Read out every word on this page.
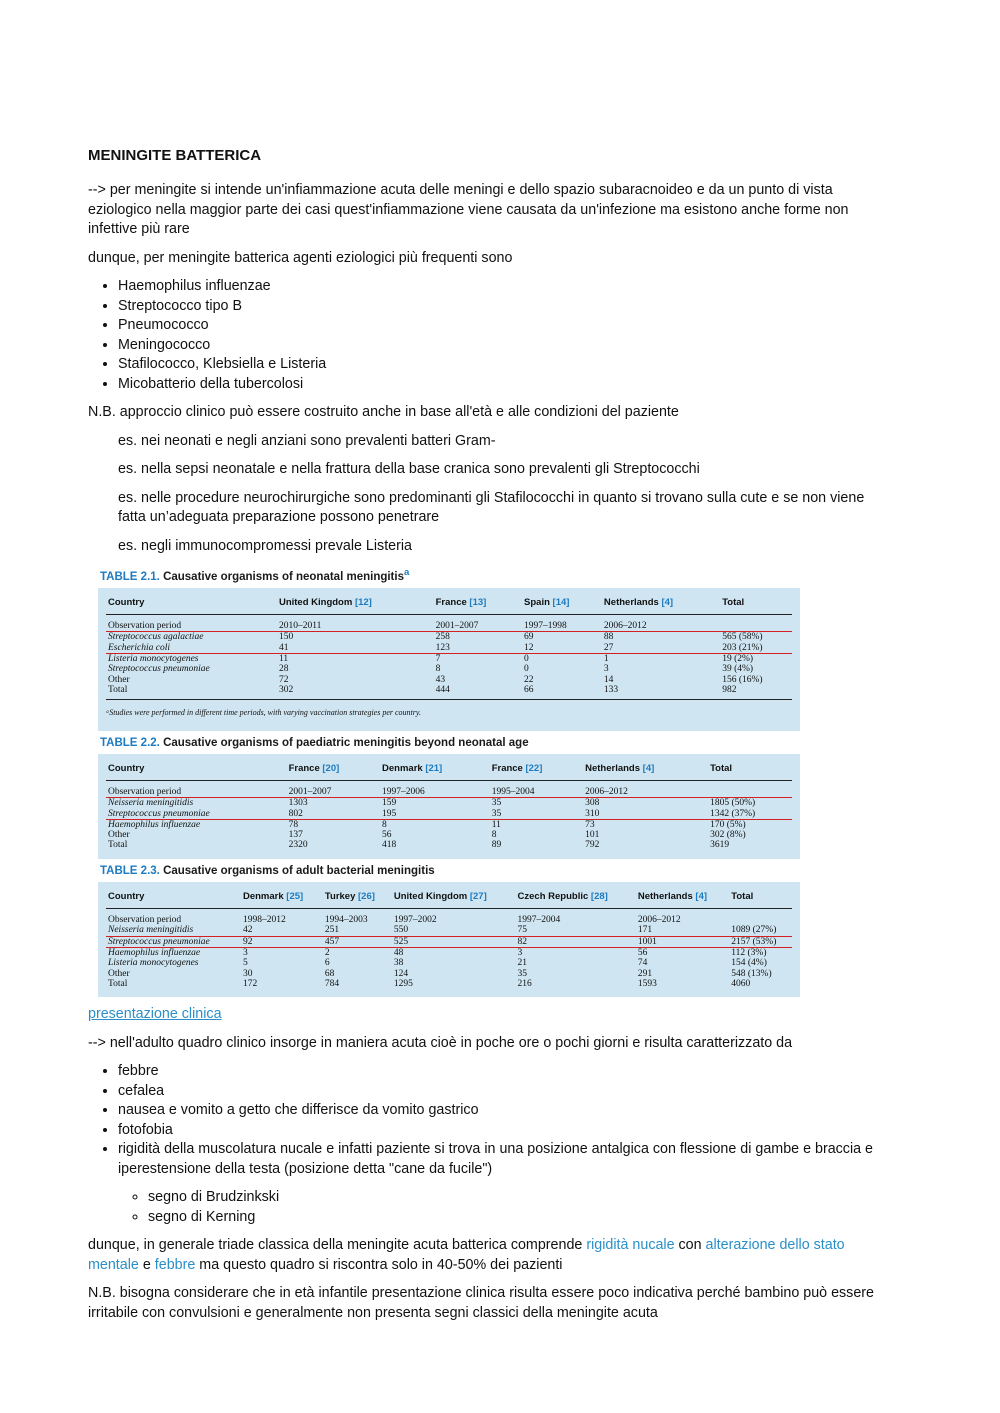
MENINGITE BATTERICA

--> per meningite si intende un'infiammazione acuta delle meningi e dello spazio subaracnoideo e da un punto di vista eziologico nella maggior parte dei casi quest'infiammazione viene causata da un'infezione ma esistono anche forme non infettive più rare

dunque, per meningite batterica agenti eziologici più frequenti sono

• Haemophilus influenzae
• Streptococco tipo B
• Pneumococco
• Meningococco
• Stafilococco, Klebsiella e Listeria
• Micobatterio della tubercolosi

N.B. approccio clinico può essere costruito anche in base all'età e alle condizioni del paziente

es. nei neonati e negli anziani sono prevalenti batteri Gram-

es. nella sepsi neonatale e nella frattura della base cranica sono prevalenti gli Streptococchi

es. nelle procedure neurochirurgiche sono predominanti gli Stafilococchi in quanto si trovano sulla cute e se non viene fatta un’adeguata preparazione possono penetrare

es. negli immunocompromessi prevale Listeria

TABLE 2.1. Causative organisms of neonatal meningitis$^a$
Country	United Kingdom [12]	France [13]	Spain [14]	Netherlands [4]	Total
Observation period	2010–2011	2001–2007	1997–1998	2006–2012	
Streptococcus agalactiae	150	258	69	88	565 (58%)
Escherichia coli	41	123	12	27	203 (21%)
Listeria monocytogenes	11	7	0	1	19 (2%)
Streptococcus pneumoniae	28	8	0	3	39 (4%)
Other	72	43	22	14	156 (16%)
Total	302	444	66	133	982
ᵃStudies were performed in different time periods, with varying vaccination strategies per country.
TABLE 2.2. Causative organisms of paediatric meningitis beyond neonatal age
Country	France [20]	Denmark [21]	France [22]	Netherlands [4]	Total
Observation period	2001–2007	1997–2006	1995–2004	2006–2012	
Neisseria meningitidis	1303	159	35	308	1805 (50%)
Streptococcus pneumoniae	802	195	35	310	1342 (37%)
Haemophilus influenzae	78	8	11	73	170 (5%)
Other	137	56	8	101	302 (8%)
Total	2320	418	89	792	3619
TABLE 2.3. Causative organisms of adult bacterial meningitis
Country	Denmark [25]	Turkey [26]	United Kingdom [27]	Czech Republic [28]	Netherlands [4]	Total
Observation period	1998–2012	1994–2003	1997–2002	1997–2004	2006–2012	
Neisseria meningitidis	42	251	550	75	171	1089 (27%)
Streptococcus pneumoniae	92	457	525	82	1001	2157 (53%)
Haemophilus influenzae	3	2	48	3	56	112 (3%)
Listeria monocytogenes	5	6	38	21	74	154 (4%)
Other	30	68	124	35	291	548 (13%)
Total	172	784	1295	216	1593	4060

presentazione clinica

--> nell'adulto quadro clinico insorge in maniera acuta cioè in poche ore o pochi giorni e risulta caratterizzato da

• febbre
• cefalea
• nausea e vomito a getto che differisce da vomito gastrico
• fotofobia
• rigidità della muscolatura nucale e infatti paziente si trova in una posizione antalgica con flessione di gambe e braccia e iperestensione della testa (posizione detta "cane da fucile")
◦ segno di Brudzinkski
◦ segno di Kerning

dunque, in generale triade classica della meningite acuta batterica comprende rigidità nucale con alterazione dello stato mentale e febbre ma questo quadro si riscontra solo in 40-50% dei pazienti

N.B. bisogna considerare che in età infantile presentazione clinica risulta essere poco indicativa perché bambino può essere irritabile con convulsioni e generalmente non presenta segni classici della meningite acuta
